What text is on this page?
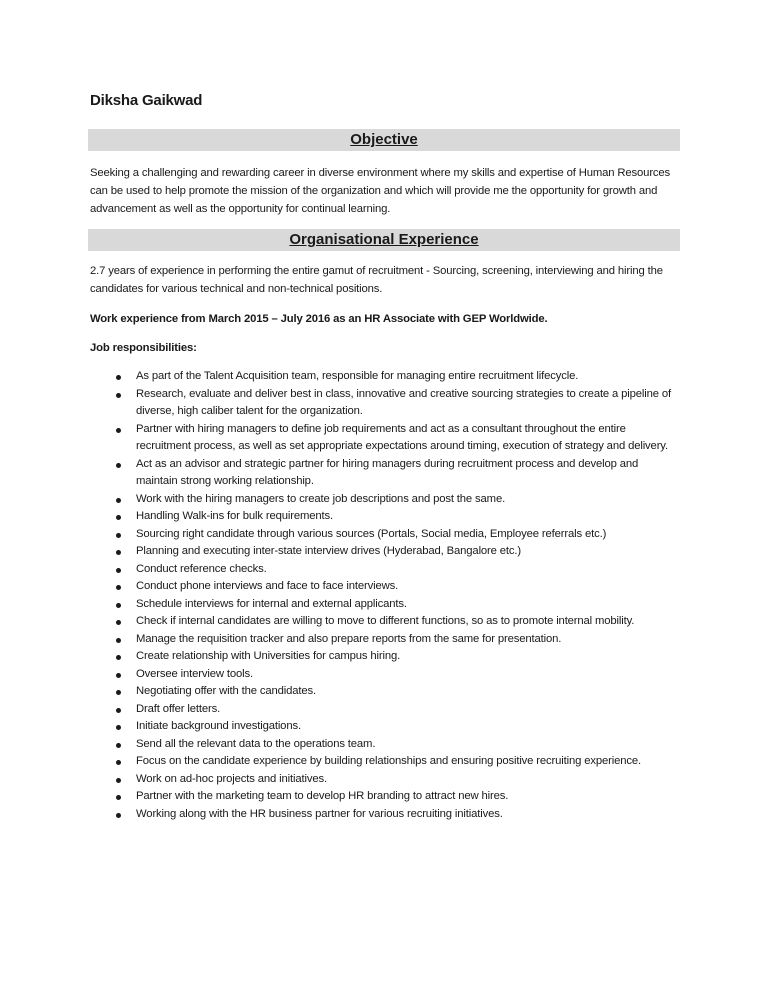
Diksha Gaikwad
Objective
Seeking a challenging and rewarding career in diverse environment where my skills and expertise of Human Resources can be used to help promote the mission of the organization and which will provide me the opportunity for growth and advancement as well as the opportunity for continual learning.
Organisational Experience
2.7 years of experience in performing the entire gamut of recruitment - Sourcing, screening, interviewing and hiring the candidates for various technical and non-technical positions.
Work experience from March 2015 – July 2016 as an HR Associate with GEP Worldwide.
Job responsibilities:
As part of the Talent Acquisition team, responsible for managing entire recruitment lifecycle.
Research, evaluate and deliver best in class, innovative and creative sourcing strategies to create a pipeline of diverse, high caliber talent for the organization.
Partner with hiring managers to define job requirements and act as a consultant throughout the entire recruitment process, as well as set appropriate expectations around timing, execution of strategy and delivery.
Act as an advisor and strategic partner for hiring managers during recruitment process and develop and maintain strong working relationship.
Work with the hiring managers to create job descriptions and post the same.
Handling Walk-ins for bulk requirements.
Sourcing right candidate through various sources (Portals, Social media, Employee referrals etc.)
Planning and executing inter-state interview drives (Hyderabad, Bangalore etc.)
Conduct reference checks.
Conduct phone interviews and face to face interviews.
Schedule interviews for internal and external applicants.
Check if internal candidates are willing to move to different functions, so as to promote internal mobility.
Manage the requisition tracker and also prepare reports from the same for presentation.
Create relationship with Universities for campus hiring.
Oversee interview tools.
Negotiating offer with the candidates.
Draft offer letters.
Initiate background investigations.
Send all the relevant data to the operations team.
Focus on the candidate experience by building relationships and ensuring positive recruiting experience.
Work on ad-hoc projects and initiatives.
Partner with the marketing team to develop HR branding to attract new hires.
Working along with the HR business partner for various recruiting initiatives.
